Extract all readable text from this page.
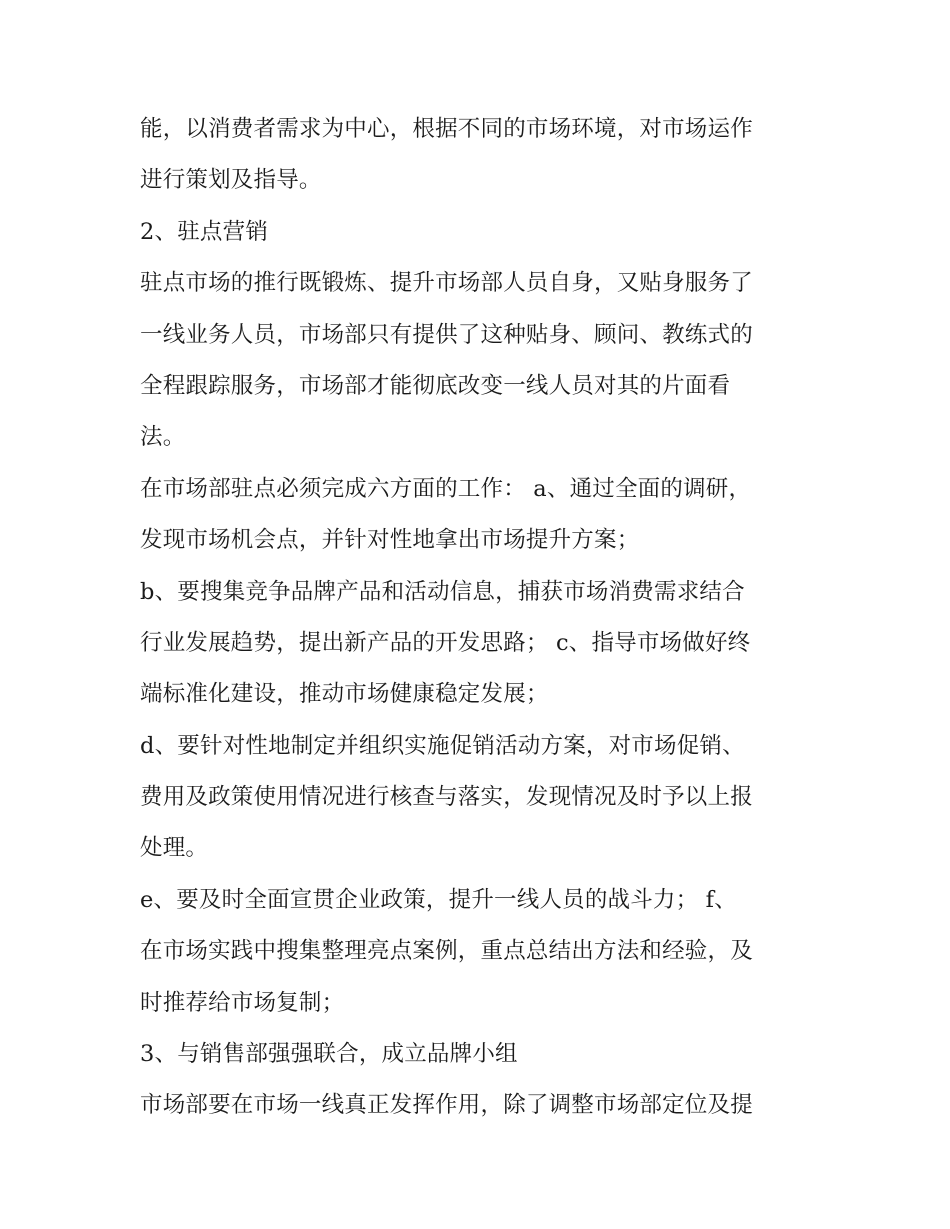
能，以消费者需求为中心，根据不同的市场环境，对市场运作
进行策划及指导。
2、驻点营销
驻点市场的推行既锻炼、提升市场部人员自身，又贴身服务了
一线业务人员，市场部只有提供了这种贴身、顾问、教练式的
全程跟踪服务，市场部才能彻底改变一线人员对其的片面看
法。
在市场部驻点必须完成六方面的工作： a、通过全面的调研，
发现市场机会点，并针对性地拿出市场提升方案；
b、要搜集竞争品牌产品和活动信息，捕获市场消费需求结合
行业发展趋势，提出新产品的开发思路； c、指导市场做好终
端标准化建设，推动市场健康稳定发展；
d、要针对性地制定并组织实施促销活动方案，对市场促销、
费用及政策使用情况进行核查与落实，发现情况及时予以上报
处理。
e、要及时全面宣贯企业政策，提升一线人员的战斗力； f、
在市场实践中搜集整理亮点案例，重点总结出方法和经验，及
时推荐给市场复制；
3、与销售部强强联合，成立品牌小组
市场部要在市场一线真正发挥作用，除了调整市场部定位及提
